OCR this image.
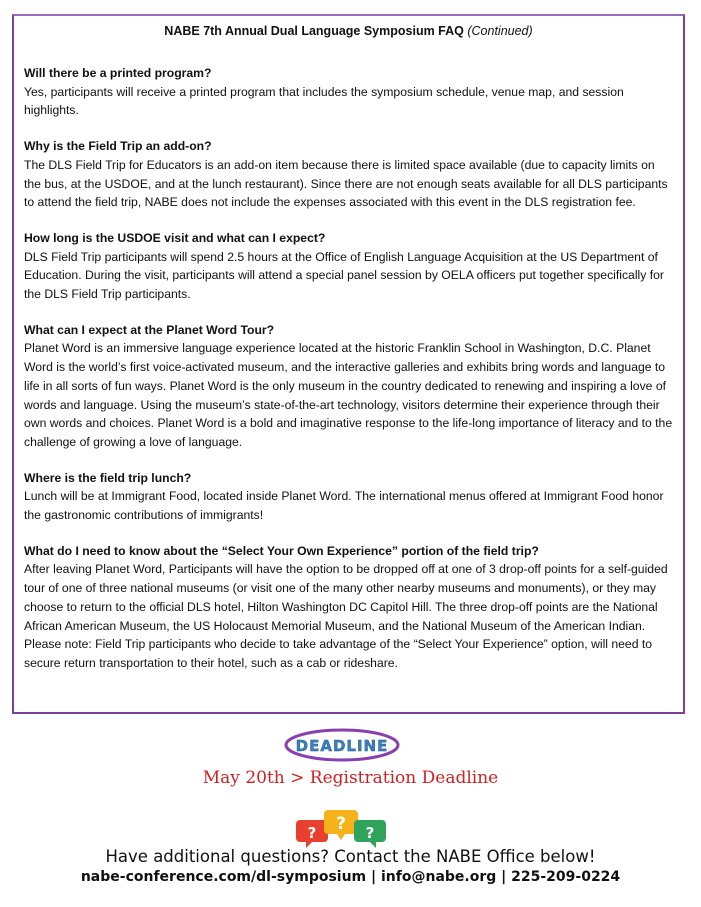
NABE 7th Annual Dual Language Symposium FAQ (Continued)
Will there be a printed program?
Yes, participants will receive a printed program that includes the symposium schedule, venue map, and session highlights.
Why is the Field Trip an add-on?
The DLS Field Trip for Educators is an add-on item because there is limited space available (due to capacity limits on the bus, at the USDOE, and at the lunch restaurant). Since there are not enough seats available for all DLS participants to attend the field trip, NABE does not include the expenses associated with this event in the DLS registration fee.
How long is the USDOE visit and what can I expect?
DLS Field Trip participants will spend 2.5 hours at the Office of English Language Acquisition at the US Department of Education. During the visit, participants will attend a special panel session by OELA officers put together specifically for the DLS Field Trip participants.
What can I expect at the Planet Word Tour?
Planet Word is an immersive language experience located at the historic Franklin School in Washington, D.C. Planet Word is the world’s first voice-activated museum, and the interactive galleries and exhibits bring words and language to life in all sorts of fun ways. Planet Word is the only museum in the country dedicated to renewing and inspiring a love of words and language. Using the museum’s state-of-the-art technology, visitors determine their experience through their own words and choices. Planet Word is a bold and imaginative response to the life-long importance of literacy and to the challenge of growing a love of language.
Where is the field trip lunch?
Lunch will be at Immigrant Food, located inside Planet Word. The international menus offered at Immigrant Food honor the gastronomic contributions of immigrants!
What do I need to know about the “Select Your Own Experience” portion of the field trip?
After leaving Planet Word, Participants will have the option to be dropped off at one of 3 drop-off points for a self-guided tour of one of three national museums (or visit one of the many other nearby museums and monuments), or they may choose to return to the official DLS hotel, Hilton Washington DC Capitol Hill. The three drop-off points are the National African American Museum, the US Holocaust Memorial Museum, and the National Museum of the American Indian. Please note: Field Trip participants who decide to take advantage of the “Select Your Experience” option, will need to secure return transportation to their hotel, such as a cab or rideshare.
DEADLINE
May 20th > Registration Deadline
? ? ?
Have additional questions? Contact the NABE Office below!
nabe-conference.com/dl-symposium | info@nabe.org | 225-209-0224
